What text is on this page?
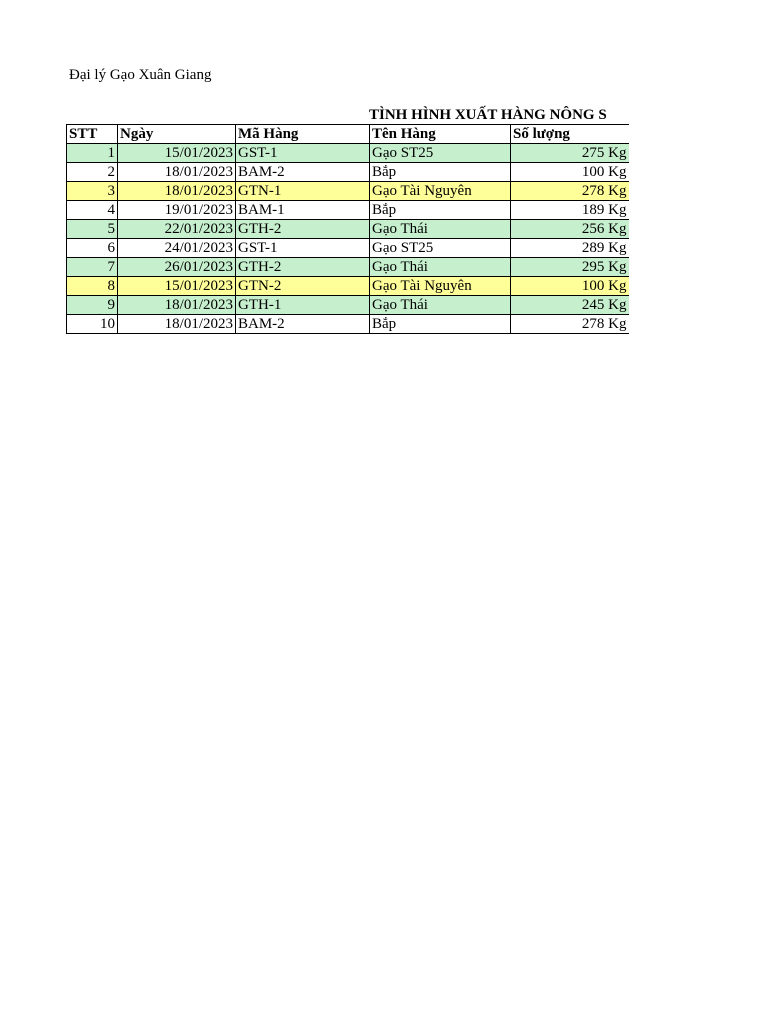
Đại lý Gạo Xuân Giang
TÌNH HÌNH XUẤT HÀNG NÔNG S
STT	Ngày	Mã Hàng	Tên Hàng	Số lượng
1	15/01/2023	GST-1	Gạo ST25	275 Kg
2	18/01/2023	BAM-2	Bắp	100 Kg
3	18/01/2023	GTN-1	Gạo Tài Nguyên	278 Kg
4	19/01/2023	BAM-1	Bắp	189 Kg
5	22/01/2023	GTH-2	Gạo Thái	256 Kg
6	24/01/2023	GST-1	Gạo ST25	289 Kg
7	26/01/2023	GTH-2	Gạo Thái	295 Kg
8	15/01/2023	GTN-2	Gạo Tài Nguyên	100 Kg
9	18/01/2023	GTH-1	Gạo Thái	245 Kg
10	18/01/2023	BAM-2	Bắp	278 Kg
